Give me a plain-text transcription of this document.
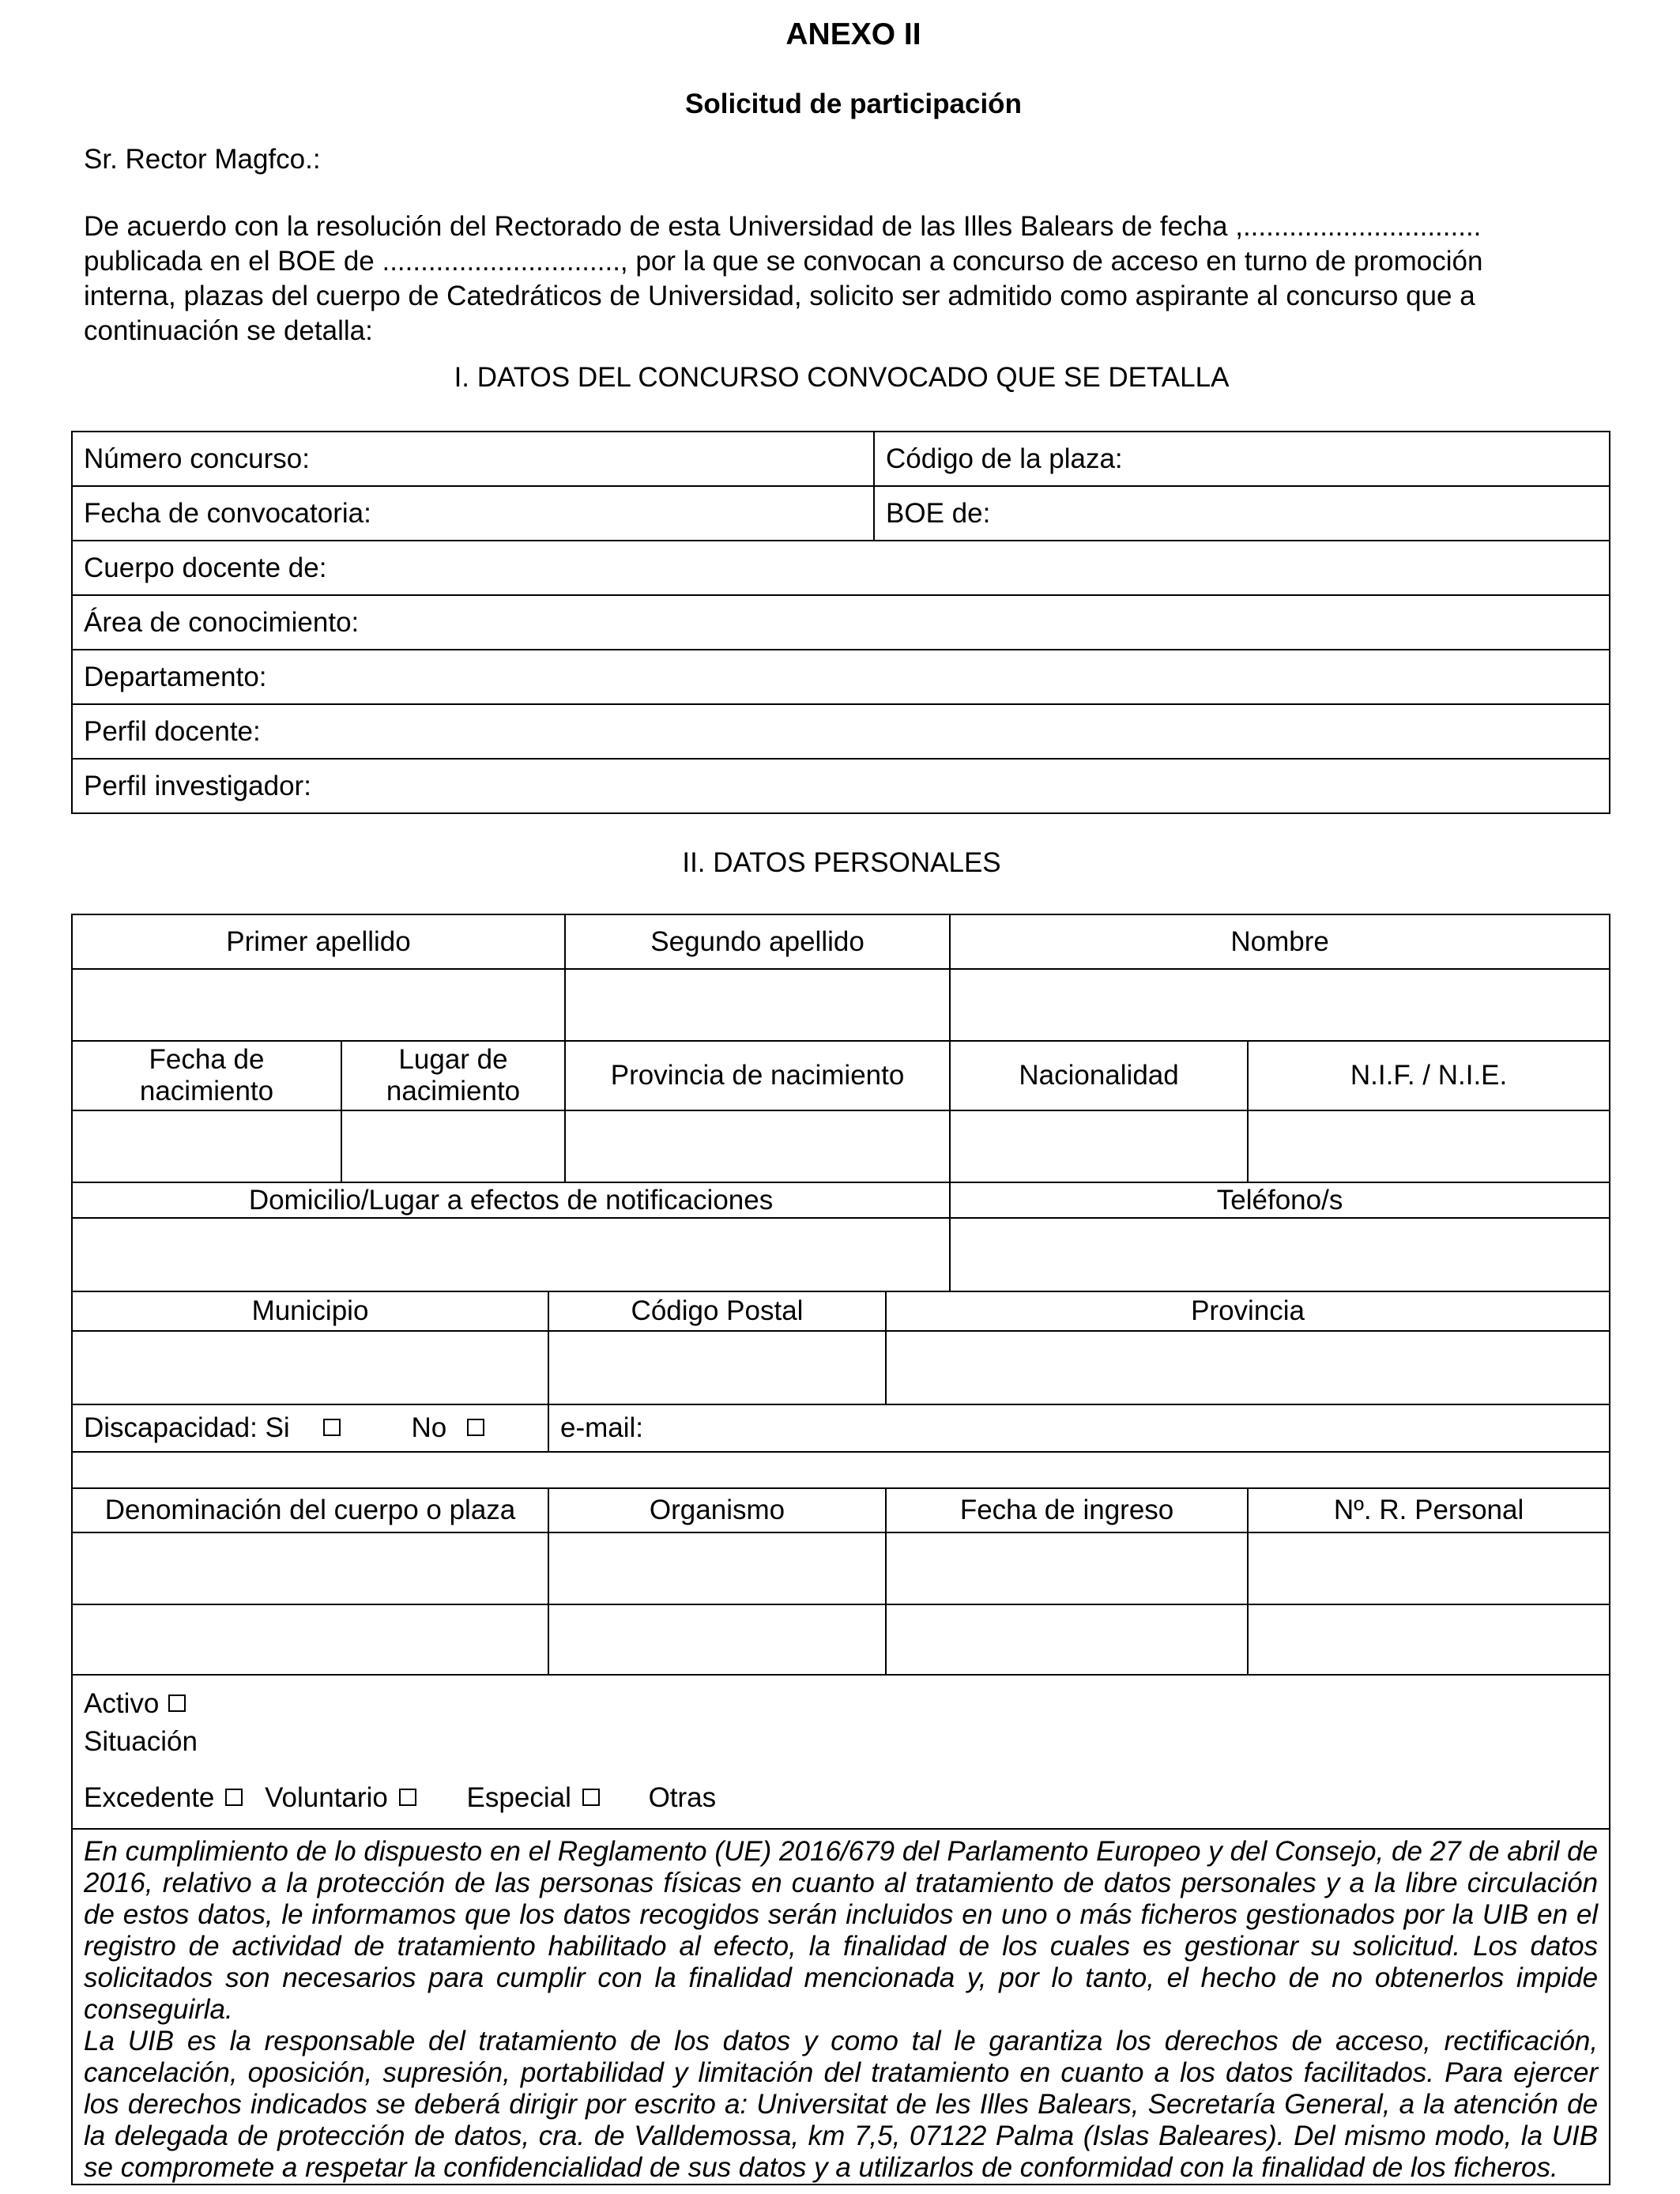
ANEXO II
Solicitud de participación
Sr. Rector Magfco.:
De acuerdo con la resolución del Rectorado de esta Universidad de las Illes Balears de fecha ,...............................
publicada en el BOE de ..............................., por la que se convocan a concurso de acceso en turno de promoción
interna, plazas del cuerpo de Catedráticos de Universidad, solicito ser admitido como aspirante al concurso que a
continuación se detalla:
I. DATOS DEL CONCURSO CONVOCADO QUE SE DETALLA
Número concurso:	Código de la plaza:
Fecha de convocatoria:	BOE de:
Cuerpo docente de:	
Área de conocimiento:	
Departamento:	
Perfil docente:	
Perfil investigador:	
II. DATOS PERSONALES
Primer apellido			Segundo apellido		Nombre	

Fecha de
nacimiento	Lugar de nacimiento		Provincia de nacimiento		Nacionalidad	N.I.F. / N.I.E.

Domicilio/Lugar a efectos de notificaciones					Teléfono/s	

Municipio		Código Postal		Provincia		

Discapacidad: Si No		e-mail:				

Denominación del cuerpo o plaza		Organismo		Fecha de ingreso		Nº. R. Personal

Activo
Situación
Excedente Voluntario Especial Otras						

En cumplimiento de lo dispuesto en el Reglamento (UE) 2016/679 del Parlamento Europeo y del Consejo, de 27 de abril de 2016, relativo a la protección de las personas físicas en cuanto al tratamiento de datos personales y a la libre circulación de estos datos, le informamos que los datos recogidos serán incluidos en uno o más ficheros gestionados por la UIB en el registro de actividad de tratamiento habilitado al efecto, la finalidad de los cuales es gestionar su solicitud. Los datos solicitados son necesarios para cumplir con la finalidad mencionada y, por lo tanto, el hecho de no obtenerlos impide conseguirla.

La UIB es la responsable del tratamiento de los datos y como tal le garantiza los derechos de acceso, rectificación, cancelación, oposición, supresión, portabilidad y limitación del tratamiento en cuanto a los datos facilitados. Para ejercer los derechos indicados se deberá dirigir por escrito a: Universitat de les Illes Balears, Secretaría General, a la atención de la delegada de protección de datos, cra. de Valldemossa, km 7,5, 07122 Palma (Islas Baleares). Del mismo modo, la UIB se compromete a respetar la confidencialidad de sus datos y a utilizarlos de conformidad con la finalidad de los ficheros.						
